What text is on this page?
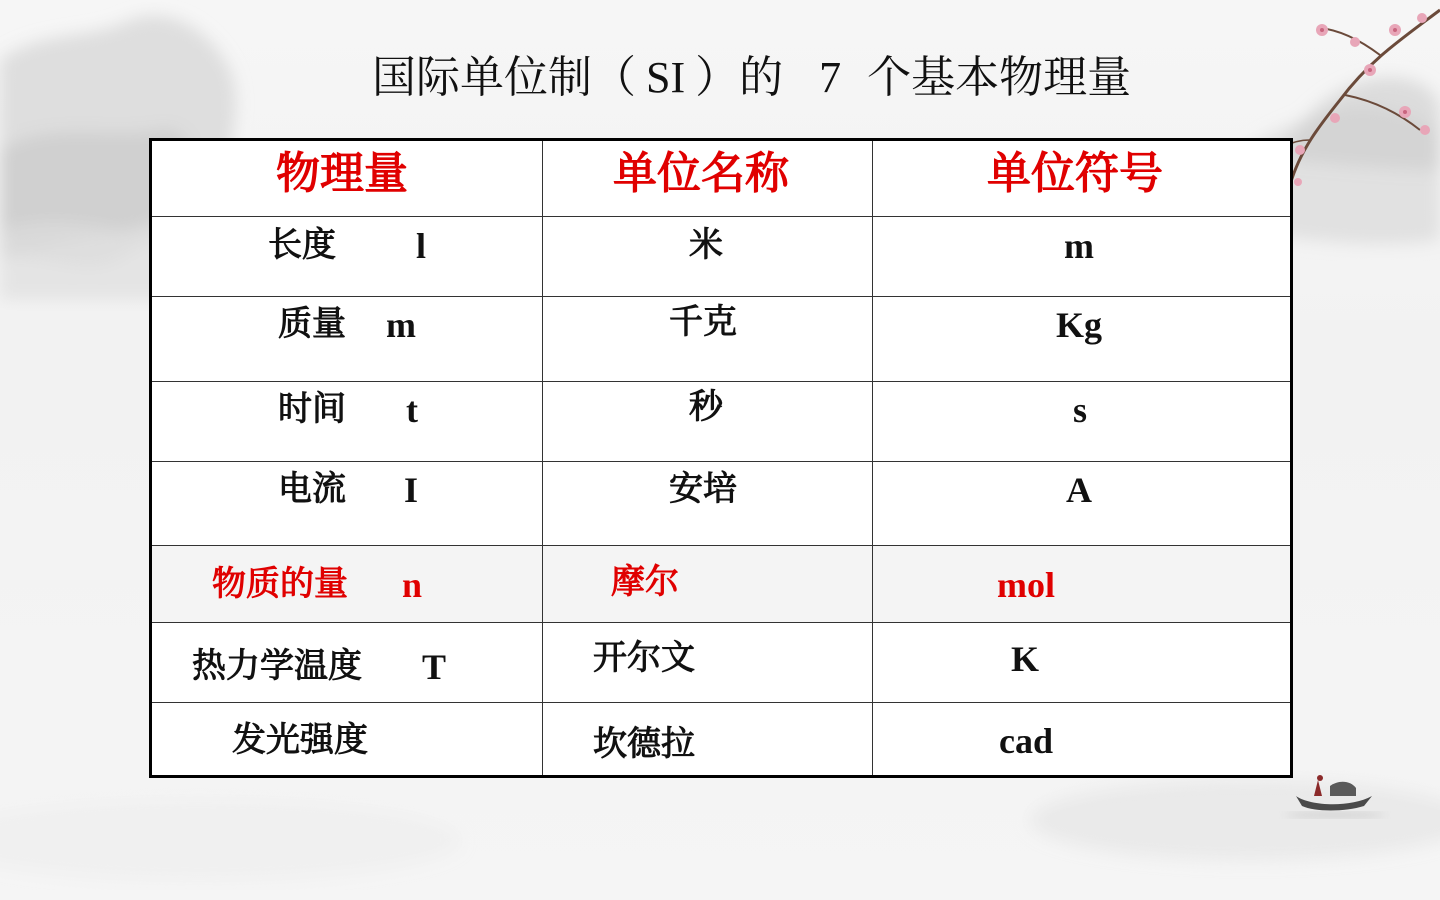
国际单位制（ SI ）的 7 个基本物理量
物理量	单位名称	单位符号

长度 l	米	m

质量 m	千克	Kg

时间 t	秒	s

电流 I	安培	A

物质的量 n	摩尔	mol

热力学温度 T	开尔文	K

发光强度	坎德拉	cad
